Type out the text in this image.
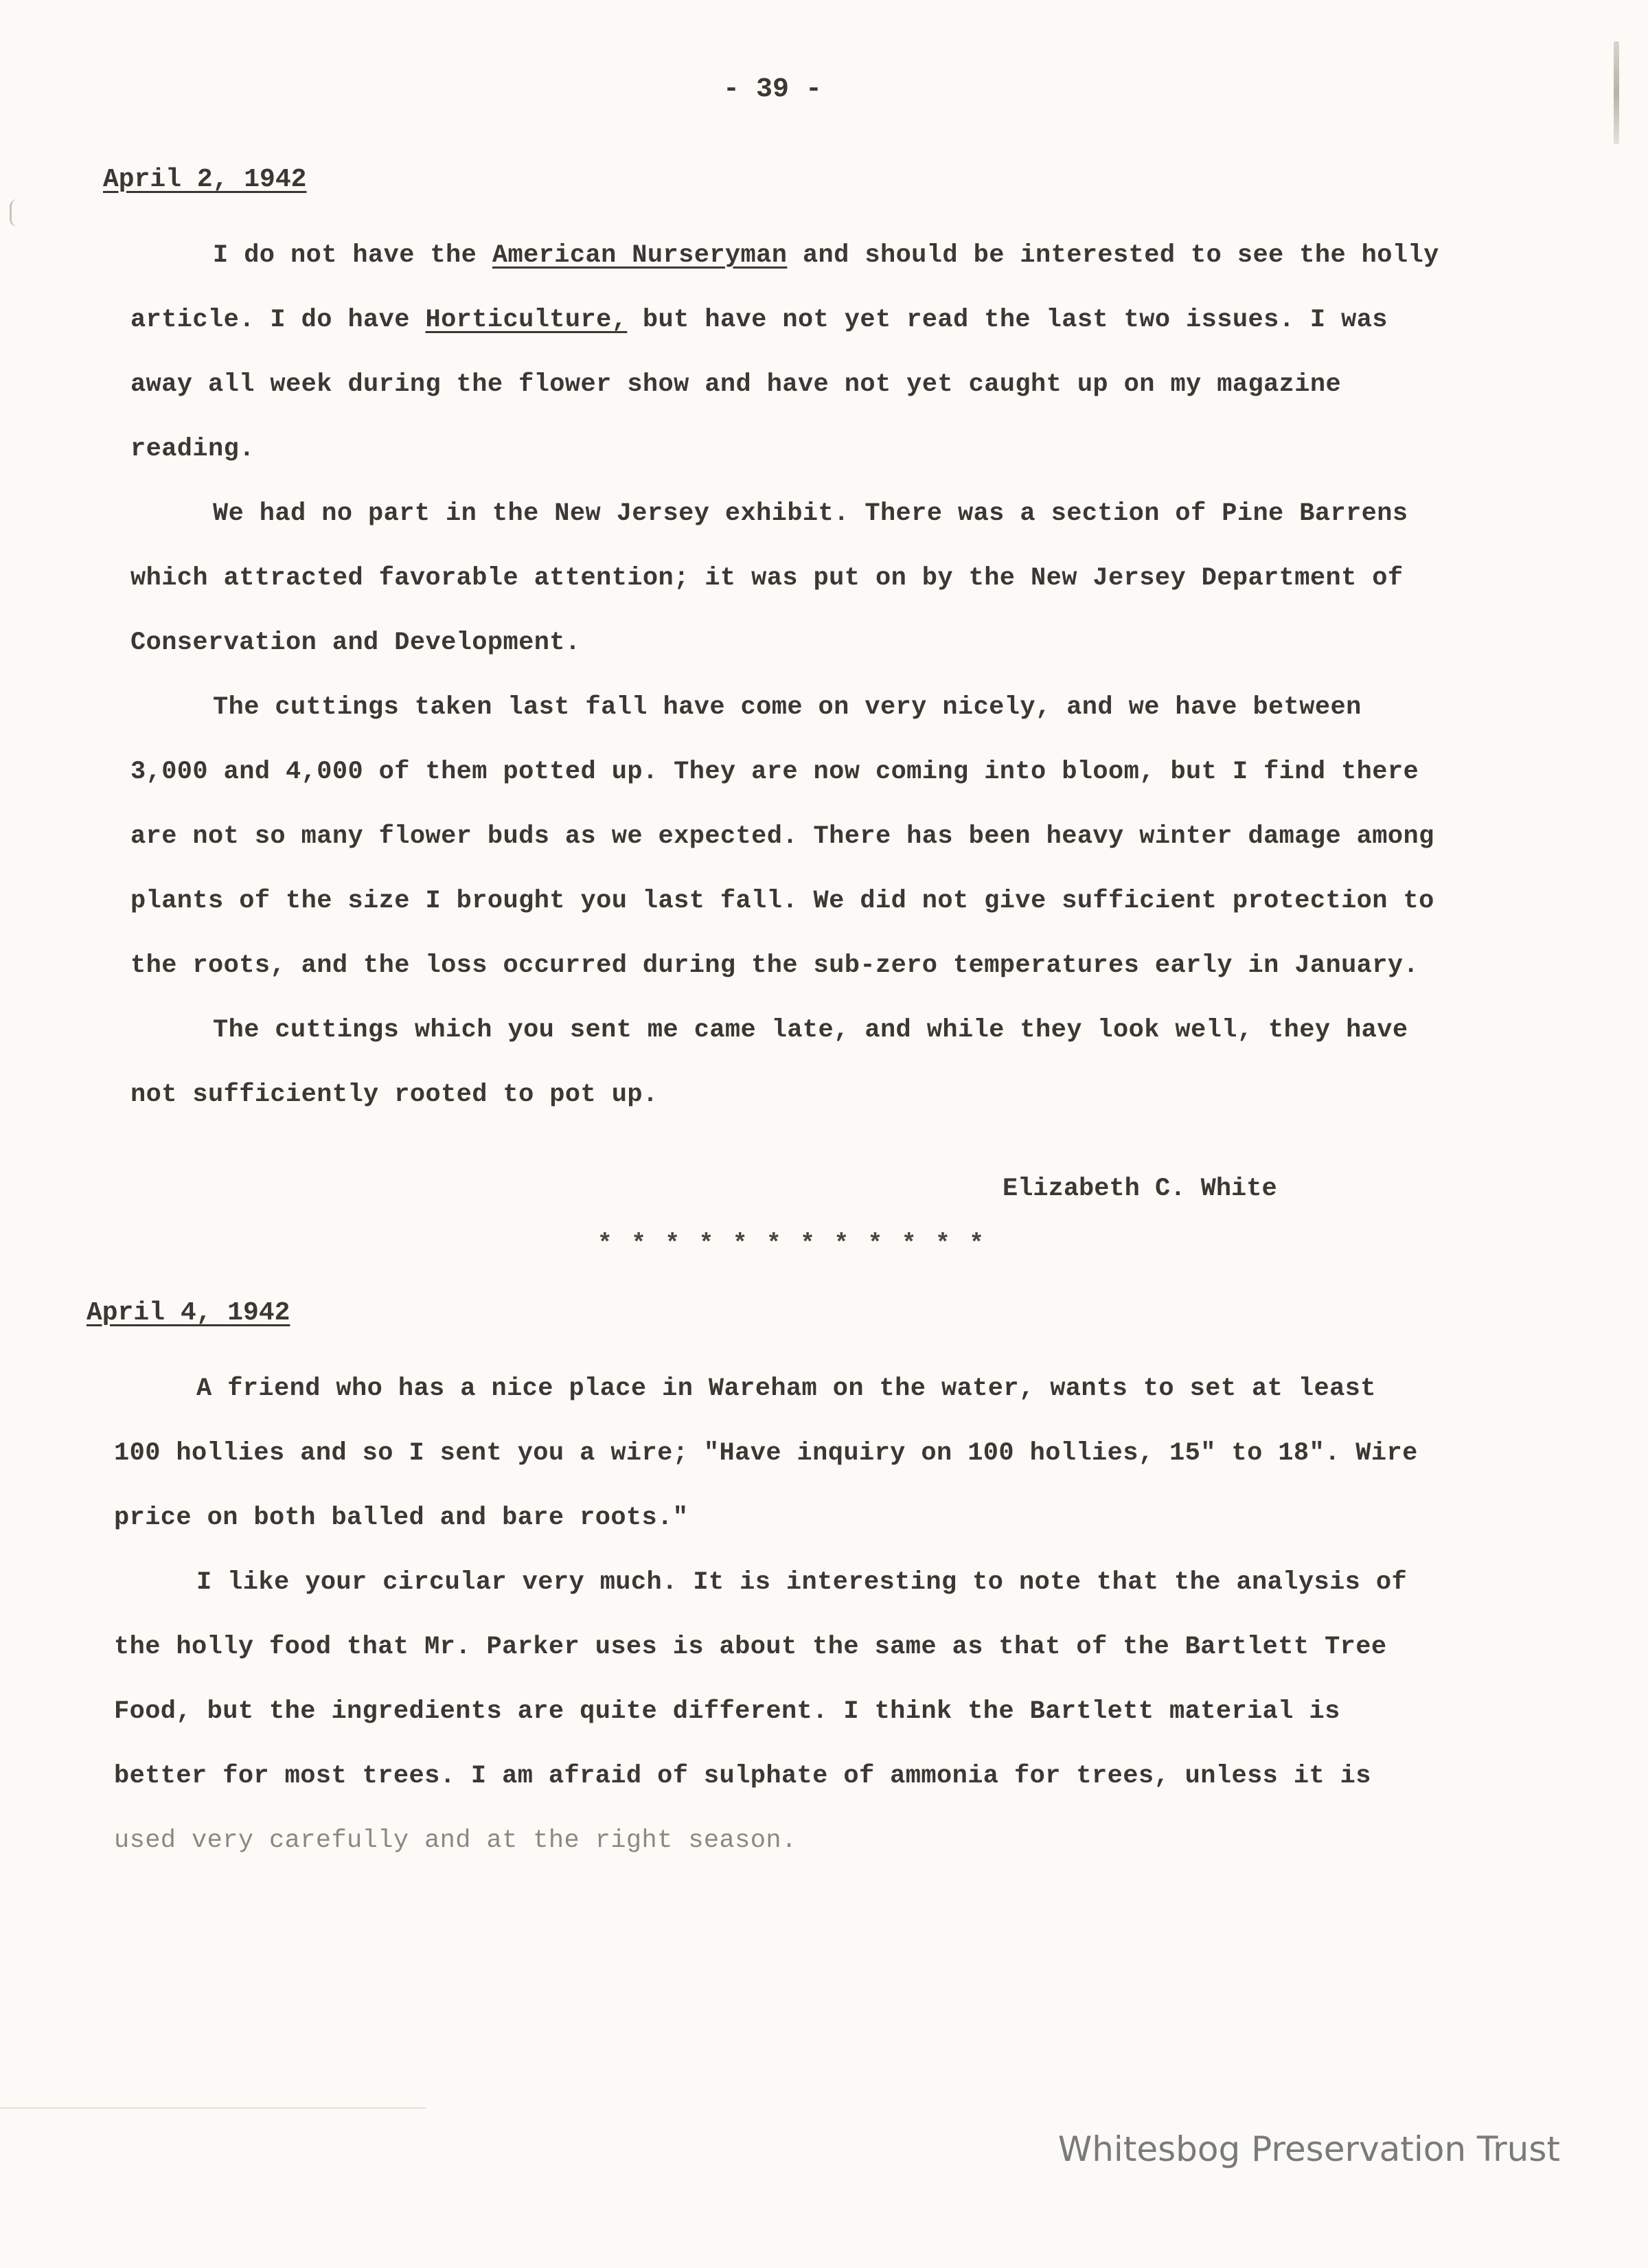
- 39 -

April 2, 1942

I do not have the American Nurseryman and should be interested to see the holly
article. I do have Horticulture, but have not yet read the last two issues. I was
away all week during the flower show and have not yet caught up on my magazine
reading.
We had no part in the New Jersey exhibit. There was a section of Pine Barrens
which attracted favorable attention; it was put on by the New Jersey Department of
Conservation and Development.
The cuttings taken last fall have come on very nicely, and we have between
3,000 and 4,000 of them potted up. They are now coming into bloom, but I find there
are not so many flower buds as we expected. There has been heavy winter damage among
plants of the size I brought you last fall. We did not give sufficient protection to
the roots, and the loss occurred during the sub-zero temperatures early in January.
The cuttings which you sent me came late, and while they look well, they have
not sufficiently rooted to pot up.

Elizabeth C. White

* * * * * * * * * * * *

April 4, 1942

A friend who has a nice place in Wareham on the water, wants to set at least
100 hollies and so I sent you a wire; "Have inquiry on 100 hollies, 15" to 18". Wire
price on both balled and bare roots."
I like your circular very much. It is interesting to note that the analysis of
the holly food that Mr. Parker uses is about the same as that of the Bartlett Tree
Food, but the ingredients are quite different. I think the Bartlett material is
better for most trees. I am afraid of sulphate of ammonia for trees, unless it is
used very carefully and at the right season.

Whitesbog Preservation Trust
